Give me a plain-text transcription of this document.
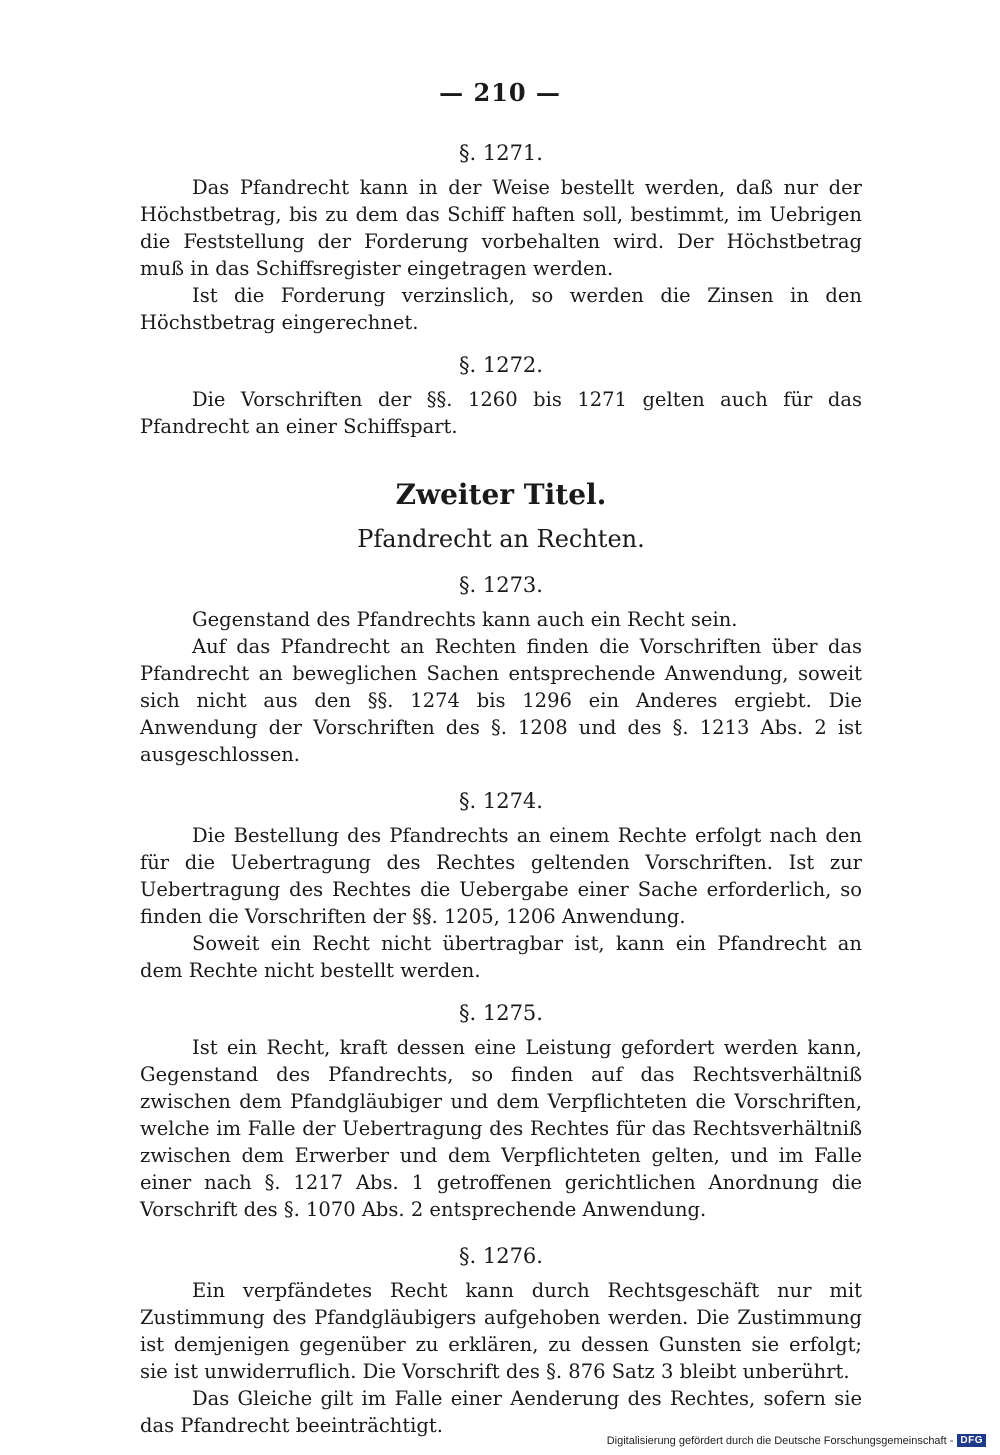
— 210 —
§. 1271.

Das Pfandrecht kann in der Weise bestellt werden, daß nur der Höchstbetrag, bis zu dem das Schiff haften soll, bestimmt, im Uebrigen die Feststellung der Forderung vorbehalten wird. Der Höchstbetrag muß in das Schiffsregister eingetragen werden.

Ist die Forderung verzinslich, so werden die Zinsen in den Höchstbetrag eingerechnet.

§. 1272.

Die Vorschriften der §§. 1260 bis 1271 gelten auch für das Pfandrecht an einer Schiffspart.

Zweiter Titel.
Pfandrecht an Rechten.
§. 1273.

Gegenstand des Pfandrechts kann auch ein Recht sein.

Auf das Pfandrecht an Rechten finden die Vorschriften über das Pfandrecht an beweglichen Sachen entsprechende Anwendung, soweit sich nicht aus den §§. 1274 bis 1296 ein Anderes ergiebt. Die Anwendung der Vorschriften des §. 1208 und des §. 1213 Abs. 2 ist ausgeschlossen.

§. 1274.

Die Bestellung des Pfandrechts an einem Rechte erfolgt nach den für die Uebertragung des Rechtes geltenden Vorschriften. Ist zur Uebertragung des Rechtes die Uebergabe einer Sache erforderlich, so finden die Vorschriften der §§. 1205, 1206 Anwendung.

Soweit ein Recht nicht übertragbar ist, kann ein Pfandrecht an dem Rechte nicht bestellt werden.

§. 1275.

Ist ein Recht, kraft dessen eine Leistung gefordert werden kann, Gegenstand des Pfandrechts, so finden auf das Rechtsverhältniß zwischen dem Pfandgläubiger und dem Verpflichteten die Vorschriften, welche im Falle der Uebertragung des Rechtes für das Rechtsverhältniß zwischen dem Erwerber und dem Verpflichteten gelten, und im Falle einer nach §. 1217 Abs. 1 getroffenen gerichtlichen Anordnung die Vorschrift des §. 1070 Abs. 2 entsprechende Anwendung.

§. 1276.

Ein verpfändetes Recht kann durch Rechtsgeschäft nur mit Zustimmung des Pfandgläubigers aufgehoben werden. Die Zustimmung ist demjenigen gegenüber zu erklären, zu dessen Gunsten sie erfolgt; sie ist unwiderruflich. Die Vorschrift des §. 876 Satz 3 bleibt unberührt.

Das Gleiche gilt im Falle einer Aenderung des Rechtes, sofern sie das Pfandrecht beeinträchtigt.

Digitalisierung gefördert durch die Deutsche Forschungsgemeinschaft - DFG
